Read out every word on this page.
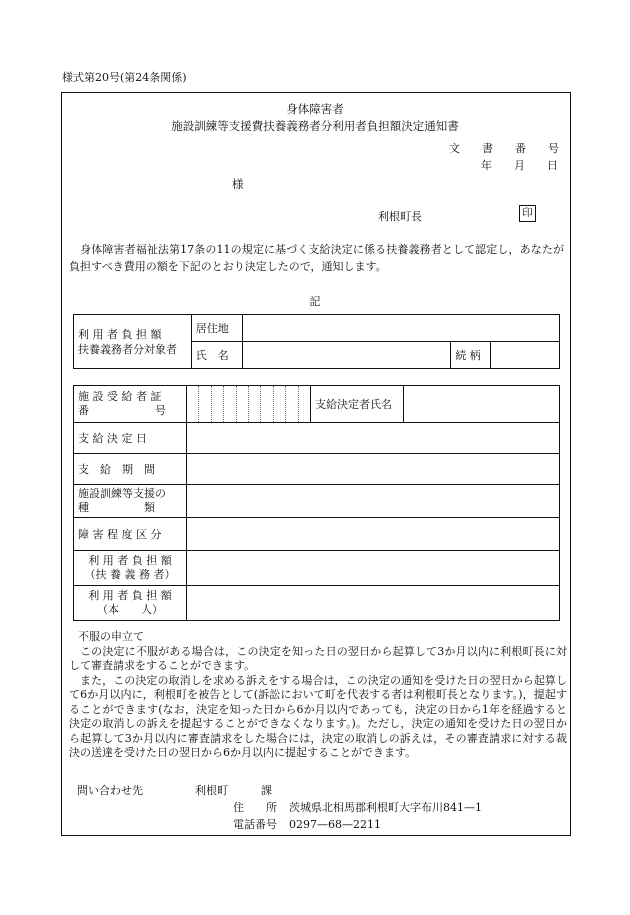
様式第20号(第24条関係)
身体障害者
施設訓練等支援費扶養義務者分利用者負担額決定通知書
文　　書　　番　　号
年　　月　　日
様
利根町長	印
身体障害者福祉法第17条の11の規定に基づく支給決定に係る扶養義務者として認定し，あなたが負担すべき費用の額を下記のとおり決定したので，通知します。
記
利 用 者 負 担 額
扶養義務者分対象者	居住地			
	氏　名		続 柄	
施 設 受 給 者 証
番　　　　　　号		支給決定者氏名	
支 給 決 定 日			
支　給　期　間			
施設訓練等支援の
種　　　　　類			
障 害 程 度 区 分			
利 用 者 負 担 額
（扶 養 義 務 者）			
利 用 者 負 担 額
（本　　人）			
不服の申立て
この決定に不服がある場合は，この決定を知った日の翌日から起算して3か月以内に利根町長に対して審査請求をすることができます。
また，この決定の取消しを求める訴えをする場合は，この決定の通知を受けた日の翌日から起算して6か月以内に，利根町を被告として(訴訟において町を代表する者は利根町長となります。)，提起することができます(なお，決定を知った日から6か月以内であっても，決定の日から1年を経過すると決定の取消しの訴えを提起することができなくなります。)。ただし，決定の通知を受けた日の翌日から起算して3か月以内に審査請求をした場合には，決定の取消しの訴えは，その審査請求に対する裁決の送達を受けた日の翌日から6か月以内に提起することができます。
問い合わせ先	利根町　　　課
住　　所 茨城県北相馬郡利根町大字布川841—1
電話番号 0297—68—2211
